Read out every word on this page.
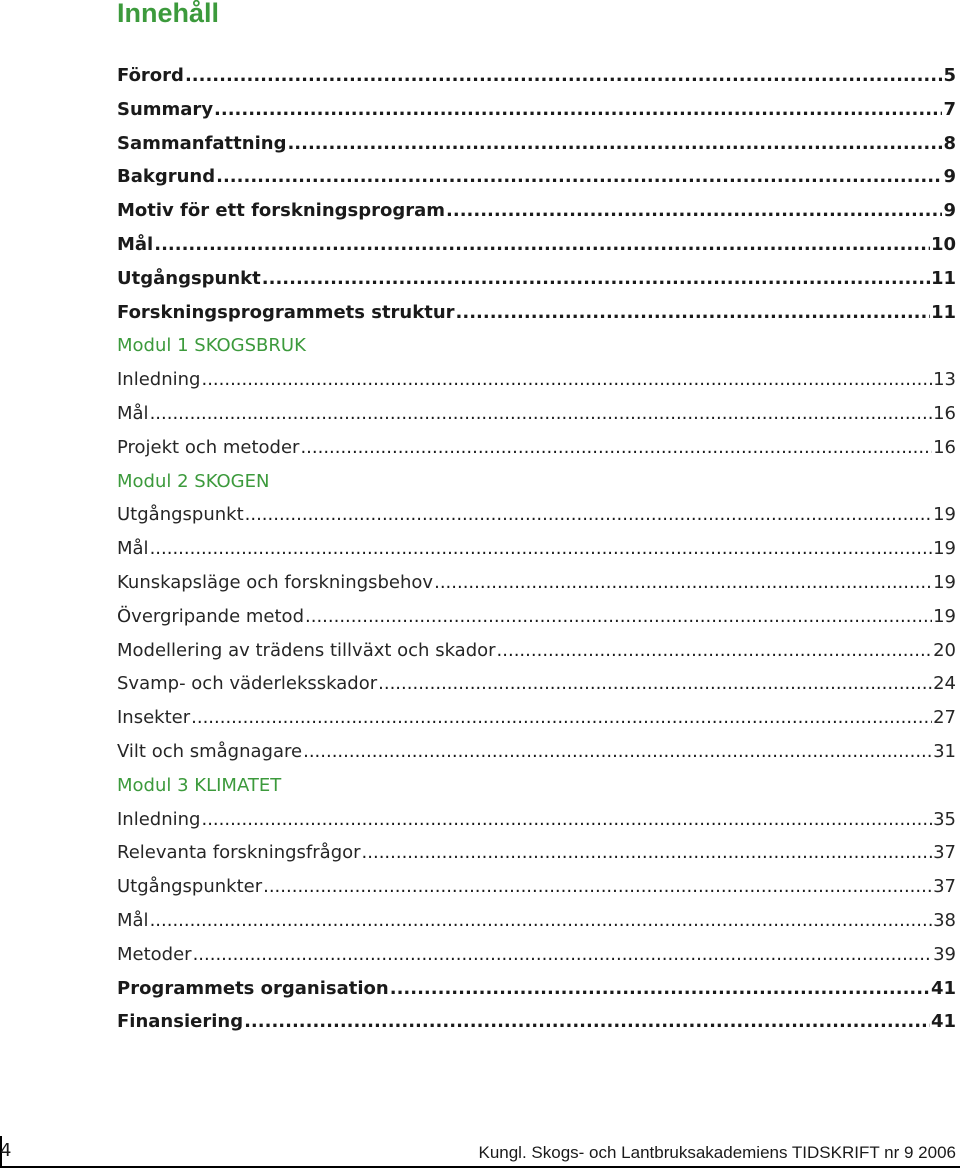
Innehåll
Förord .....	5
Summary .....	7
Sammanfattning .....	8
Bakgrund .....	9
Motiv för ett forskningsprogram .....	9
Mål .....	10
Utgångspunkt .....	11
Forskningsprogrammets struktur .....	11
Modul 1 SKOGSBRUK
Inledning .....	13
Mål .....	16
Projekt och metoder .....	16
Modul 2 SKOGEN
Utgångspunkt .....	19
Mål .....	19
Kunskapsläge och forskningsbehov .....	19
Övergripande metod .....	19
Modellering av trädens tillväxt och skador .....	20
Svamp- och väderleksskador .....	24
Insekter .....	27
Vilt och smågnagare .....	31
Modul 3 KLIMATET
Inledning .....	35
Relevanta forskningsfrågor .....	37
Utgångspunkter .....	37
Mål .....	38
Metoder .....	39
Programmets organisation .....	41
Finansiering .....	41
4	Kungl. Skogs- och Lantbruksakademiens TIDSKRIFT nr 9 2006
